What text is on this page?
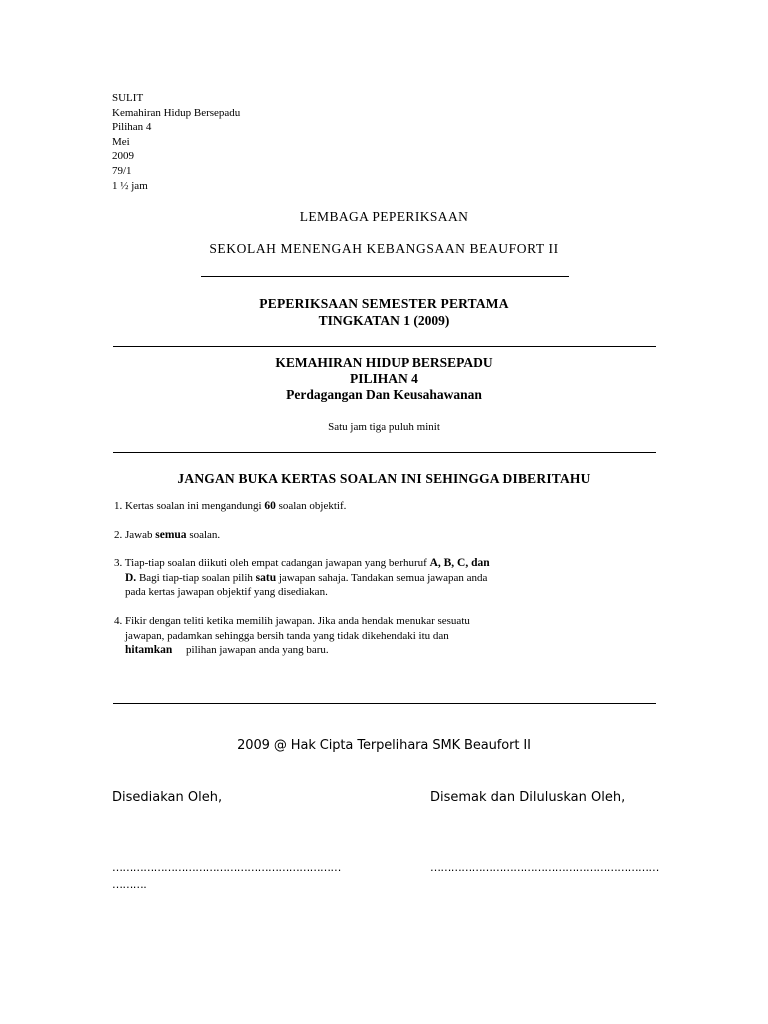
SULIT
Kemahiran Hidup Bersepadu
Pilihan 4
Mei
2009
79/1
1 ½ jam
LEMBAGA PEPERIKSAAN
SEKOLAH MENENGAH KEBANGSAAN BEAUFORT II
PEPERIKSAAN SEMESTER PERTAMA
TINGKATAN 1 (2009)
KEMAHIRAN HIDUP BERSEPADU
PILIHAN 4
Perdagangan Dan Keusahawanan
Satu jam tiga puluh minit
JANGAN BUKA KERTAS SOALAN INI SEHINGGA DIBERITAHU
1. Kertas soalan ini mengandungi 60 soalan objektif.
2. Jawab semua soalan.
3. Tiap-tiap soalan diikuti oleh empat cadangan jawapan yang berhuruf A, B, C, dan
D. Bagi tiap-tiap soalan pilih satu jawapan sahaja. Tandakan semua jawapan anda
pada kertas jawapan objektif yang disediakan.
4. Fikir dengan teliti ketika memilih jawapan. Jika anda hendak menukar sesuatu
jawapan, padamkan sehingga bersih tanda yang tidak dikehendaki itu dan
hitamkan     pilihan jawapan anda yang baru.
2009 @ Hak Cipta Terpelihara SMK Beaufort II
Disediakan Oleh,	Disemak dan Diluluskan Oleh,
…………………………………………………………
……….
…………………………………………………………
